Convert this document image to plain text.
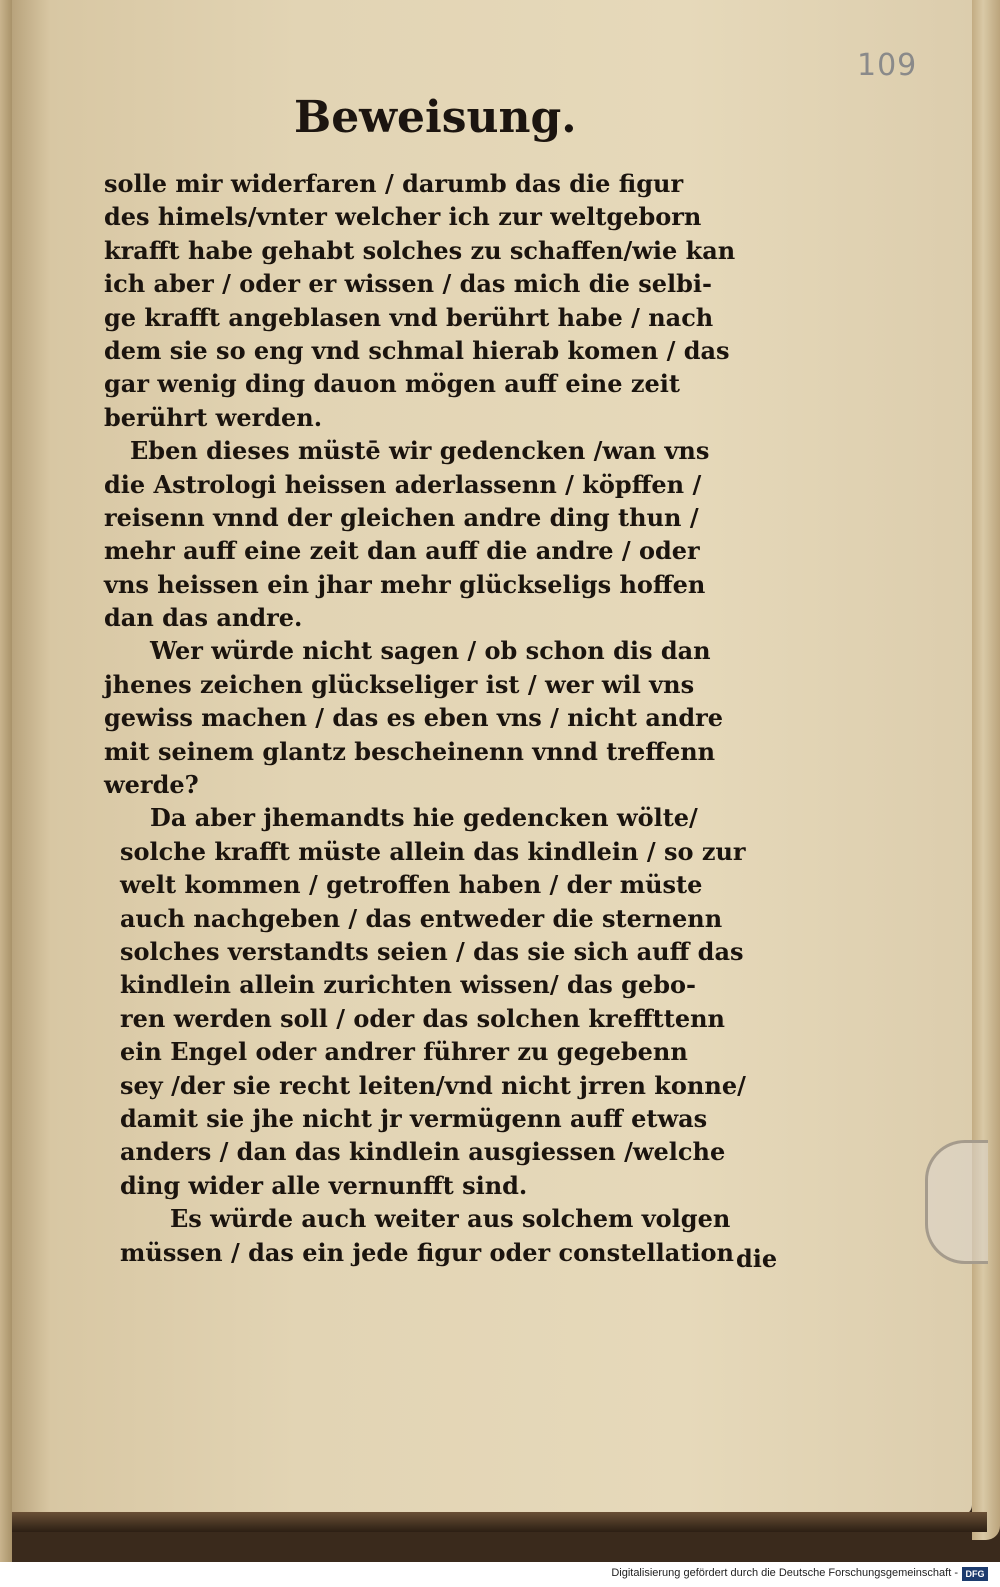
109
Beweisung.
solle mir widerfaren / darumb das die figur
des himels/vnter welcher ich zur weltgeborn
krafft habe gehabt solches zu schaffen/wie kan
ich aber / oder er wissen / das mich die selbi-
ge krafft angeblasen vnd berührt habe / nach
dem sie so eng vnd schmal hierab komen / das
gar wenig ding dauon mögen auff eine zeit
berührt werden.
Eben dieses müstē wir gedencken /wan vns
die Astrologi heissen aderlassenn / köpffen /
reisenn vnnd der gleichen andre ding thun /
mehr auff eine zeit dan auff die andre / oder
vns heissen ein jhar mehr glückseligs hoffen
dan das andre.
Wer würde nicht sagen / ob schon dis dan
jhenes zeichen glückseliger ist / wer wil vns
gewiss machen / das es eben vns / nicht andre
mit seinem glantz bescheinenn vnnd treffenn
werde?
Da aber jhemandts hie gedencken wölte/
solche krafft müste allein das kindlein / so zur
welt kommen / getroffen haben / der müste
auch nachgeben / das entweder die sternenn
solches verstandts seien / das sie sich auff das
kindlein allein zurichten wissen/ das gebo-
ren werden soll / oder das solchen kreffttenn
ein Engel oder andrer führer zu gegebenn
sey /der sie recht leiten/vnd nicht jrren konne/
damit sie jhe nicht jr vermügenn auff etwas
anders / dan das kindlein ausgiessen /welche
ding wider alle vernunfft sind.
Es würde auch weiter aus solchem volgen
müssen / das ein jede figur oder constellation die
Digitalisierung gefördert durch die Deutsche Forschungsgemeinschaft - DFG
